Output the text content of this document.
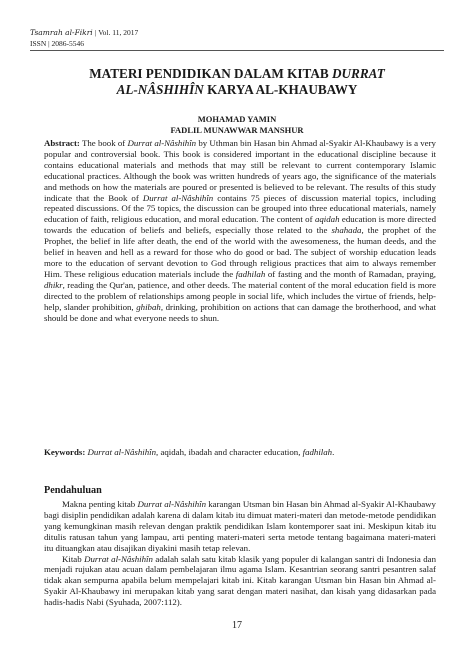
Tsamrah al-Fikri | Vol. 11, 2017
ISSN | 2086-5546
MATERI PENDIDIKAN DALAM KITAB DURRAT
AL-NÂSHIHÎN KARYA AL-KHAUBAWY
MOHAMAD YAMIN
FADLIL MUNAWWAR MANSHUR
Abstract: The book of Durrat al-Nâshihîn by Uthman bin Hasan bin Ahmad al-Syakir Al-Khaubawy is a very popular and controversial book. This book is considered important in the educational discipline because it contains educational materials and methods that may still be relevant to current contemporary Islamic educational practices. Although the book was written hundreds of years ago, the significance of the materials and methods on how the materials are poured or presented is believed to be relevant. The results of this study indicate that the Book of Durrat al-Nâshihîn contains 75 pieces of discussion material topics, including repeated discussions. Of the 75 topics, the discussion can be grouped into three educational materials, namely education of faith, religious education, and moral education. The content of aqidah education is more directed towards the education of beliefs and beliefs, especially those related to the shahada, the prophet of the Prophet, the belief in life after death, the end of the world with the awesomeness, the human deeds, and the belief in heaven and hell as a reward for those who do good or bad. The subject of worship education leads more to the education of servant devotion to God through religious practices that aim to always remember Him. These religious education materials include the fadhilah of fasting and the month of Ramadan, praying, dhikr, reading the Qur'an, patience, and other deeds. The material content of the moral education field is more directed to the problem of relationships among people in social life, which includes the virtue of friends, help-help, slander prohibition, ghibah, drinking, prohibition on actions that can damage the brotherhood, and what should be done and what everyone needs to shun.
Keywords: Durrat al-Nâshihîn, aqidah, ibadah and character education, fadhilah.
Pendahuluan

Makna penting kitab Durrat al-Nâshihîn karangan Utsman bin Hasan bin Ahmad al-Syakir Al-Khaubawy bagi disiplin pendidikan adalah karena di dalam kitab itu dimuat materi-materi dan metode-metode pendidikan yang kemungkinan masih relevan dengan praktik pendidikan Islam kontemporer saat ini. Meskipun kitab itu ditulis ratusan tahun yang lampau, arti penting materi-materi serta metode tentang bagaimana materi-materi itu dituangkan atau disajikan diyakini masih tetap relevan.

Kitab Durrat al-Nâshihîn adalah salah satu kitab klasik yang populer di kalangan santri di Indonesia dan menjadi rujukan atau acuan dalam pembelajaran ilmu agama Islam. Kesantrian seorang santri pesantren salaf tidak akan sempurna apabila belum mempelajari kitab ini. Kitab karangan Utsman bin Hasan bin Ahmad al-Syakir Al-Khaubawy ini merupakan kitab yang sarat dengan materi nasihat, dan kisah yang didasarkan pada hadis-hadis Nabi (Syuhada, 2007:112).

17
